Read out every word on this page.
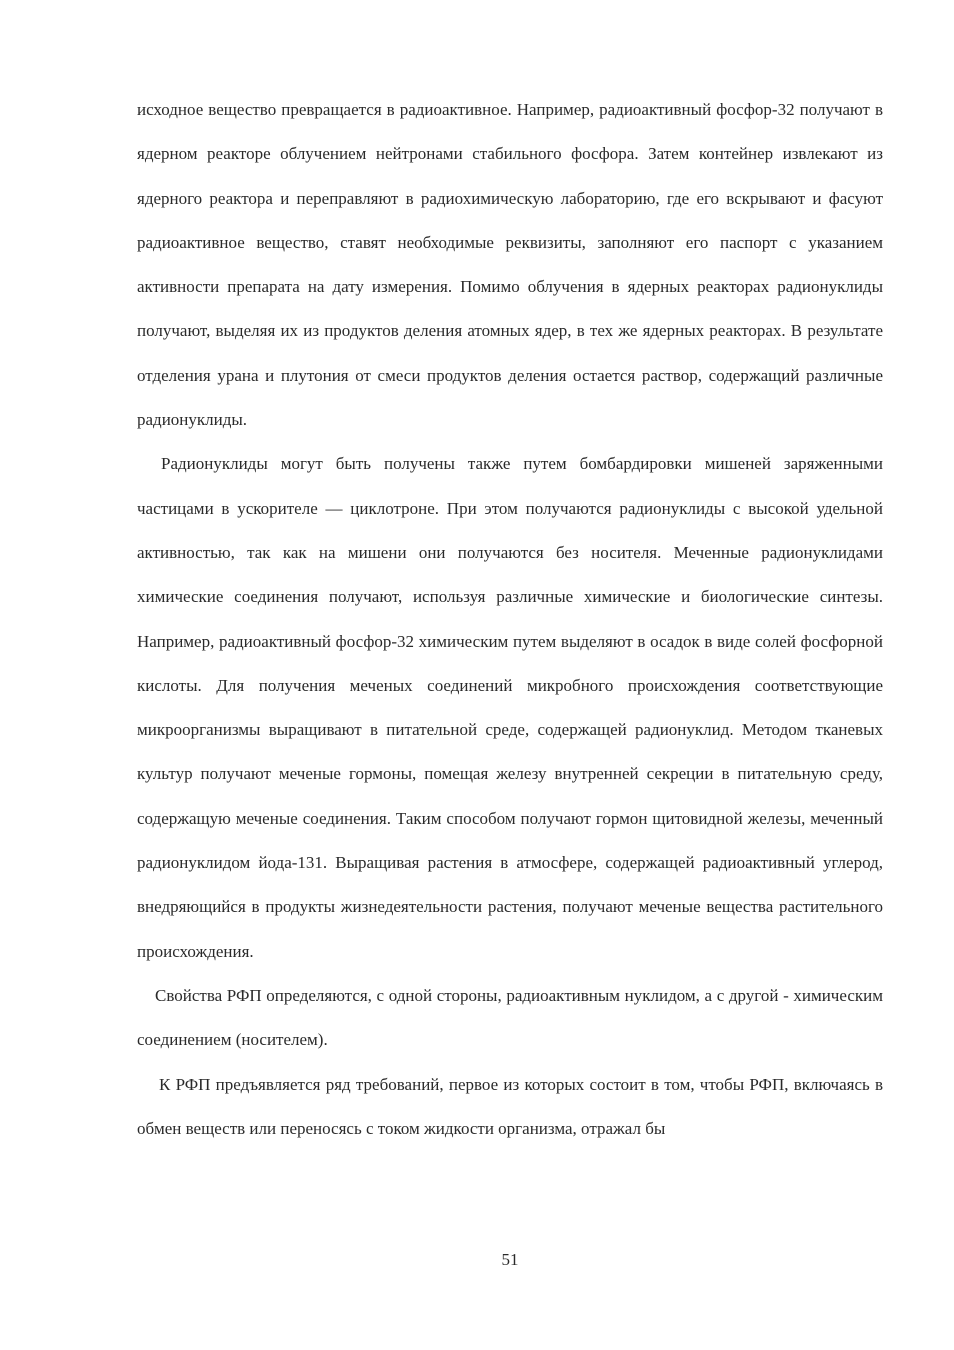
исходное вещество превращается в радиоактивное. Например, радиоактивный фосфор-32 получают в ядерном реакторе облучением нейтронами стабильного фосфора. Затем контейнер извлекают из ядерного реактора и переправляют в радиохимическую лабораторию, где его вскрывают и фасуют радиоактивное вещество, ставят необходимые реквизиты, заполняют его паспорт с указанием активности препарата на дату измерения. Помимо облучения в ядерных реакторах радионуклиды получают, выделяя их из продуктов деления атомных ядер, в тех же ядерных реакторах. В результате отделения урана и плутония от смеси продуктов деления остается раствор, содержащий различные радионуклиды.

Радионуклиды могут быть получены также путем бомбардировки мишеней заряженными частицами в ускорителе — циклотроне. При этом получаются радионуклиды с высокой удельной активностью, так как на мишени они получаются без носителя. Меченные радионуклидами химические соединения получают, используя различные химические и биологические синтезы. Например, радиоактивный фосфор-32 химическим путем выделяют в осадок в виде солей фосфорной кислоты. Для получения меченых соединений микробного происхождения соответствующие микроорганизмы выращивают в питательной среде, содержащей радионуклид. Методом тканевых культур получают меченые гормоны, помещая железу внутренней секреции в питательную среду, содержащую меченые соединения. Таким способом получают гормон щитовидной железы, меченный радионуклидом йода-131. Выращивая растения в атмосфере, содержащей радиоактивный углерод, внедряющийся в продукты жизнедеятельности растения, получают меченые вещества растительного происхождения.

Свойства РФП определяются, с одной стороны, радиоактивным нуклидом, а с другой - химическим соединением (носителем).

К РФП предъявляется ряд требований, первое из которых состоит в том, чтобы РФП, включаясь в обмен веществ или переносясь с током жидкости организма, отражал бы

51
